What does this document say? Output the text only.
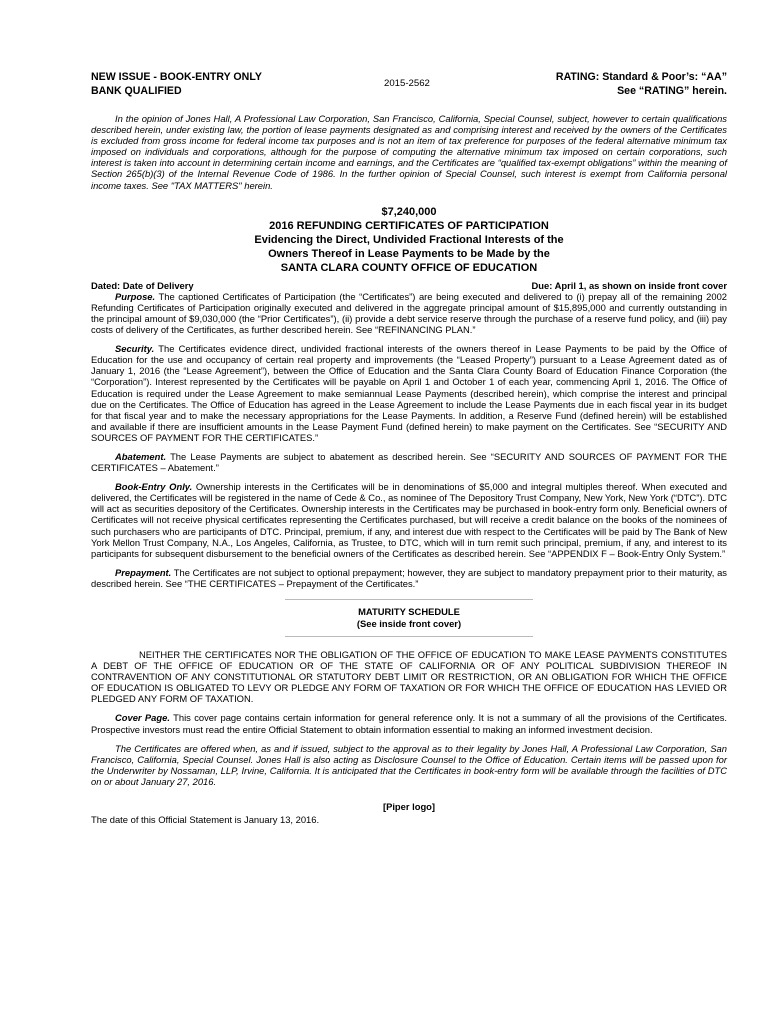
NEW ISSUE - BOOK-ENTRY ONLY
BANK QUALIFIED
2015-2562
RATING: Standard & Poor’s: “AA”
See “RATING” herein.
In the opinion of Jones Hall, A Professional Law Corporation, San Francisco, California, Special Counsel, subject, however to certain qualifications described herein, under existing law, the portion of lease payments designated as and comprising interest and received by the owners of the Certificates is excluded from gross income for federal income tax purposes and is not an item of tax preference for purposes of the federal alternative minimum tax imposed on individuals and corporations, although for the purpose of computing the alternative minimum tax imposed on certain corporations, such interest is taken into account in determining certain income and earnings, and the Certificates are “qualified tax-exempt obligations” within the meaning of Section 265(b)(3) of the Internal Revenue Code of 1986. In the further opinion of Special Counsel, such interest is exempt from California personal income taxes. See "TAX MATTERS" herein.
$7,240,000
2016 REFUNDING CERTIFICATES OF PARTICIPATION
Evidencing the Direct, Undivided Fractional Interests of the
Owners Thereof in Lease Payments to be Made by the
SANTA CLARA COUNTY OFFICE OF EDUCATION
Dated: Date of Delivery	Due: April 1, as shown on inside front cover

Purpose. The captioned Certificates of Participation (the “Certificates”) are being executed and delivered to (i) prepay all of the remaining 2002 Refunding Certificates of Participation originally executed and delivered in the aggregate principal amount of $15,895,000 and currently outstanding in the principal amount of $9,030,000 (the “Prior Certificates”), (ii) provide a debt service reserve through the purchase of a reserve fund policy, and (iii) pay costs of delivery of the Certificates, as further described herein. See “REFINANCING PLAN.”

Security. The Certificates evidence direct, undivided fractional interests of the owners thereof in Lease Payments to be paid by the Office of Education for the use and occupancy of certain real property and improvements (the “Leased Property”) pursuant to a Lease Agreement dated as of January 1, 2016 (the “Lease Agreement”), between the Office of Education and the Santa Clara County Board of Education Finance Corporation (the “Corporation”). Interest represented by the Certificates will be payable on April 1 and October 1 of each year, commencing April 1, 2016. The Office of Education is required under the Lease Agreement to make semiannual Lease Payments (described herein), which comprise the interest and principal due on the Certificates. The Office of Education has agreed in the Lease Agreement to include the Lease Payments due in each fiscal year in its budget for that fiscal year and to make the necessary appropriations for the Lease Payments. In addition, a Reserve Fund (defined herein) will be established and available if there are insufficient amounts in the Lease Payment Fund (defined herein) to make payment on the Certificates. See “SECURITY AND SOURCES OF PAYMENT FOR THE CERTIFICATES.”

Abatement. The Lease Payments are subject to abatement as described herein. See “SECURITY AND SOURCES OF PAYMENT FOR THE CERTIFICATES – Abatement.”

Book-Entry Only. Ownership interests in the Certificates will be in denominations of $5,000 and integral multiples thereof. When executed and delivered, the Certificates will be registered in the name of Cede & Co., as nominee of The Depository Trust Company, New York, New York (“DTC”). DTC will act as securities depository of the Certificates. Ownership interests in the Certificates may be purchased in book-entry form only. Beneficial owners of Certificates will not receive physical certificates representing the Certificates purchased, but will receive a credit balance on the books of the nominees of such purchasers who are participants of DTC. Principal, premium, if any, and interest due with respect to the Certificates will be paid by The Bank of New York Mellon Trust Company, N.A., Los Angeles, California, as Trustee, to DTC, which will in turn remit such principal, premium, if any, and interest to its participants for subsequent disbursement to the beneficial owners of the Certificates as described herein. See “APPENDIX F – Book-Entry Only System.”

Prepayment. The Certificates are not subject to optional prepayment; however, they are subject to mandatory prepayment prior to their maturity, as described herein. See “THE CERTIFICATES – Prepayment of the Certificates.”

MATURITY SCHEDULE
(See inside front cover)

NEITHER THE CERTIFICATES NOR THE OBLIGATION OF THE OFFICE OF EDUCATION TO MAKE LEASE PAYMENTS CONSTITUTES A DEBT OF THE OFFICE OF EDUCATION OR OF THE STATE OF CALIFORNIA OR OF ANY POLITICAL SUBDIVISION THEREOF IN CONTRAVENTION OF ANY CONSTITUTIONAL OR STATUTORY DEBT LIMIT OR RESTRICTION, OR AN OBLIGATION FOR WHICH THE OFFICE OF EDUCATION IS OBLIGATED TO LEVY OR PLEDGE ANY FORM OF TAXATION OR FOR WHICH THE OFFICE OF EDUCATION HAS LEVIED OR PLEDGED ANY FORM OF TAXATION.

Cover Page. This cover page contains certain information for general reference only. It is not a summary of all the provisions of the Certificates. Prospective investors must read the entire Official Statement to obtain information essential to making an informed investment decision.

The Certificates are offered when, as and if issued, subject to the approval as to their legality by Jones Hall, A Professional Law Corporation, San Francisco, California, Special Counsel. Jones Hall is also acting as Disclosure Counsel to the Office of Education. Certain items will be passed upon for the Underwriter by Nossaman, LLP, Irvine, California. It is anticipated that the Certificates in book-entry form will be available through the facilities of DTC on or about January 27, 2016.

[Piper logo]
The date of this Official Statement is January 13, 2016.
